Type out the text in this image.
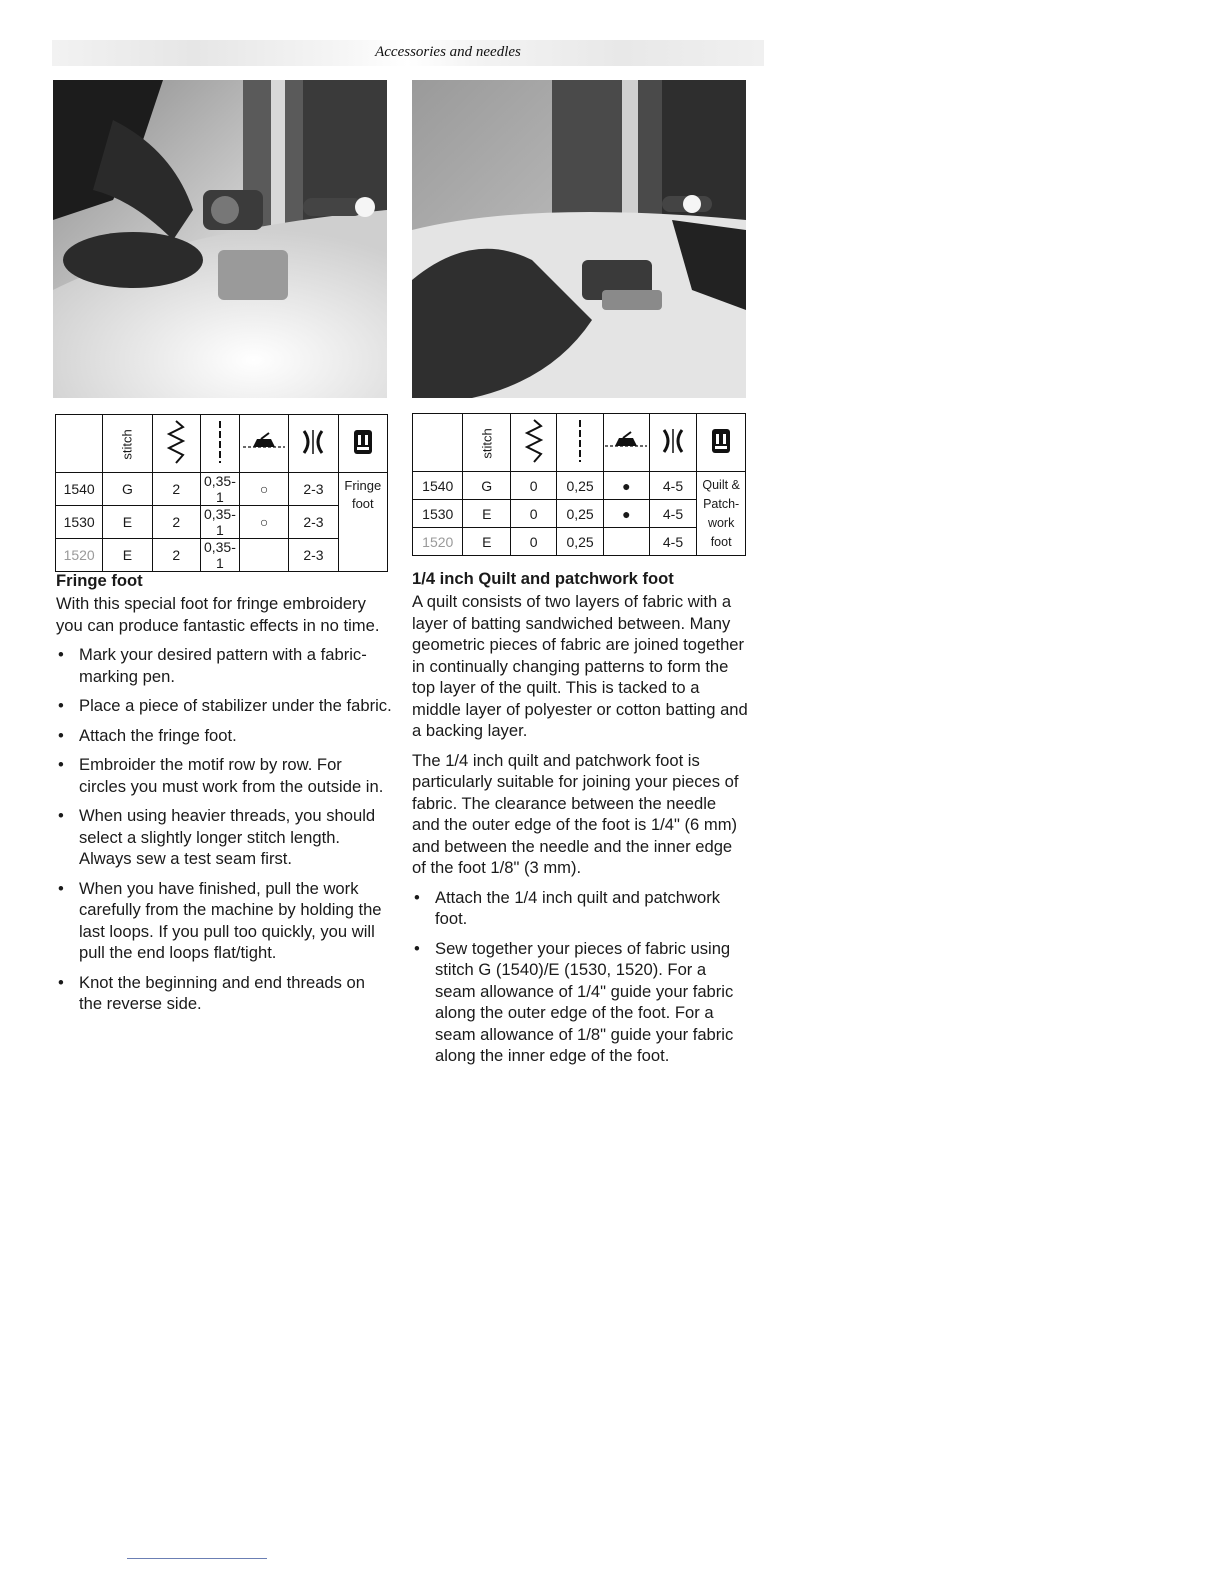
Accessories and needles
	stitch					
1540	G	2	0,35-1	○	2-3	Fringe
foot

1530	E	2	0,35-1	○	2-3	
1520	E	2	0,35-1		2-3	
	stitch					
1540	G	0	0,25	●	4-5	Quilt &
Patch-
work
foot

1530	E	0	0,25	●	4-5	
1520	E	0	0,25		4-5	
Fringe foot

With this special foot for fringe embroidery you can produce fantastic effects in no time.

• Mark your desired pattern with a fabric-marking pen.
• Place a piece of stabilizer under the fabric.
• Attach the fringe foot.
• Embroider the motif row by row. For circles you must work from the outside in.
• When using heavier threads, you should select a slightly longer stitch length. Always sew a test seam first.
• When you have finished, pull the work carefully from the machine by holding the last loops. If you pull too quickly, you will pull the end loops flat/tight.
• Knot the beginning and end threads on the reverse side.
1/4 inch Quilt and patchwork foot

A quilt consists of two layers of fabric with a layer of batting sandwiched between. Many geometric pieces of fabric are joined together in continually changing patterns to form the top layer of the quilt. This is tacked to a middle layer of polyester or cotton batting and a backing layer.

The 1/4 inch quilt and patchwork foot is particularly suitable for joining your pieces of fabric. The clearance between the needle and the outer edge of the foot is 1/4" (6 mm) and between the needle and the inner edge of the foot 1/8" (3 mm).

• Attach the 1/4 inch quilt and patchwork foot.
• Sew together your pieces of fabric using stitch G (1540)/E (1530, 1520). For a seam allowance of 1/4" guide your fabric along the outer edge of the foot. For a seam allowance of 1/8" guide your fabric along the inner edge of the foot.
